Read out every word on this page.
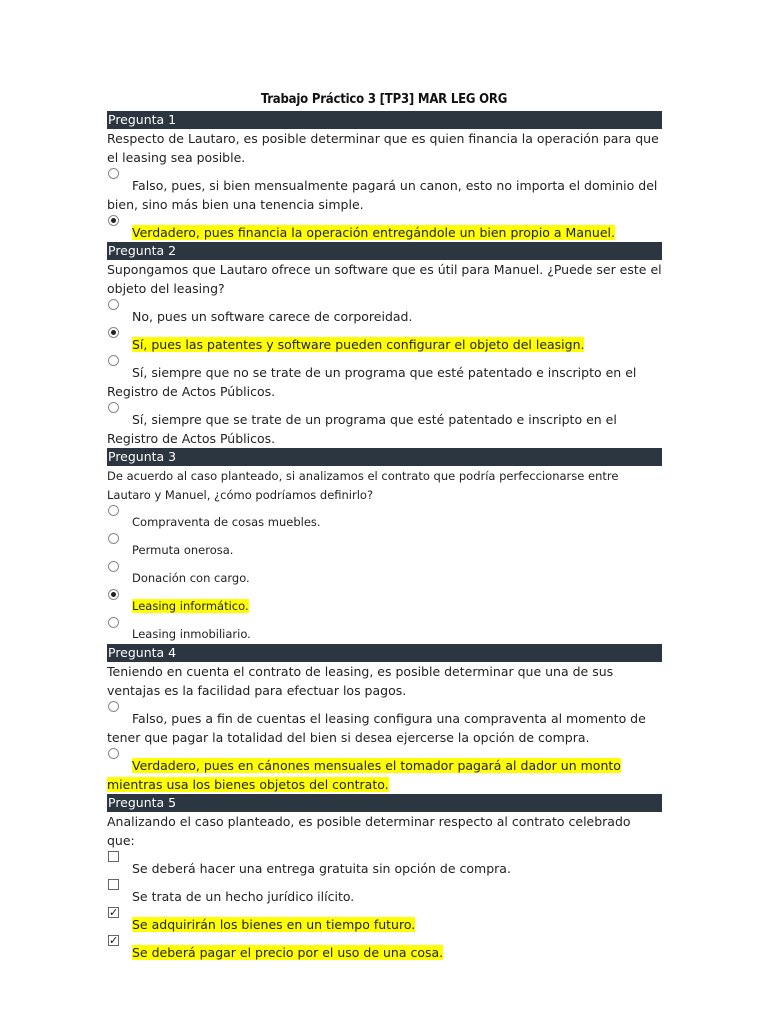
Trabajo Práctico 3 [TP3] MAR LEG ORG
Pregunta 1
Respecto de Lautaro, es posible determinar que es quien financia la operación para que el leasing sea posible.
Falso, pues, si bien mensualmente pagará un canon, esto no importa el dominio del bien, sino más bien una tenencia simple.
Verdadero, pues financia la operación entregándole un bien propio a Manuel.
Pregunta 2
Supongamos que Lautaro ofrece un software que es útil para Manuel. ¿Puede ser este el objeto del leasing?
No, pues un software carece de corporeidad.
Sí, pues las patentes y software pueden configurar el objeto del leasign.
Sí, siempre que no se trate de un programa que esté patentado e inscripto en el Registro de Actos Públicos.
Sí, siempre que se trate de un programa que esté patentado e inscripto en el Registro de Actos Públicos.
Pregunta 3
De acuerdo al caso planteado, si analizamos el contrato que podría perfeccionarse entre Lautaro y Manuel, ¿cómo podríamos definirlo?
Compraventa de cosas muebles.
Permuta onerosa.
Donación con cargo.
Leasing informático.
Leasing inmobiliario.
Pregunta 4
Teniendo en cuenta el contrato de leasing, es posible determinar que una de sus ventajas es la facilidad para efectuar los pagos.
Falso, pues a fin de cuentas el leasing configura una compraventa al momento de tener que pagar la totalidad del bien si desea ejercerse la opción de compra.
Verdadero, pues en cánones mensuales el tomador pagará al dador un monto mientras usa los bienes objetos del contrato.
Pregunta 5
Analizando el caso planteado, es posible determinar respecto al contrato celebrado que:
Se deberá hacer una entrega gratuita sin opción de compra.
Se trata de un hecho jurídico ilícito.
✓
Se adquirirán los bienes en un tiempo futuro.
✓
Se deberá pagar el precio por el uso de una cosa.
